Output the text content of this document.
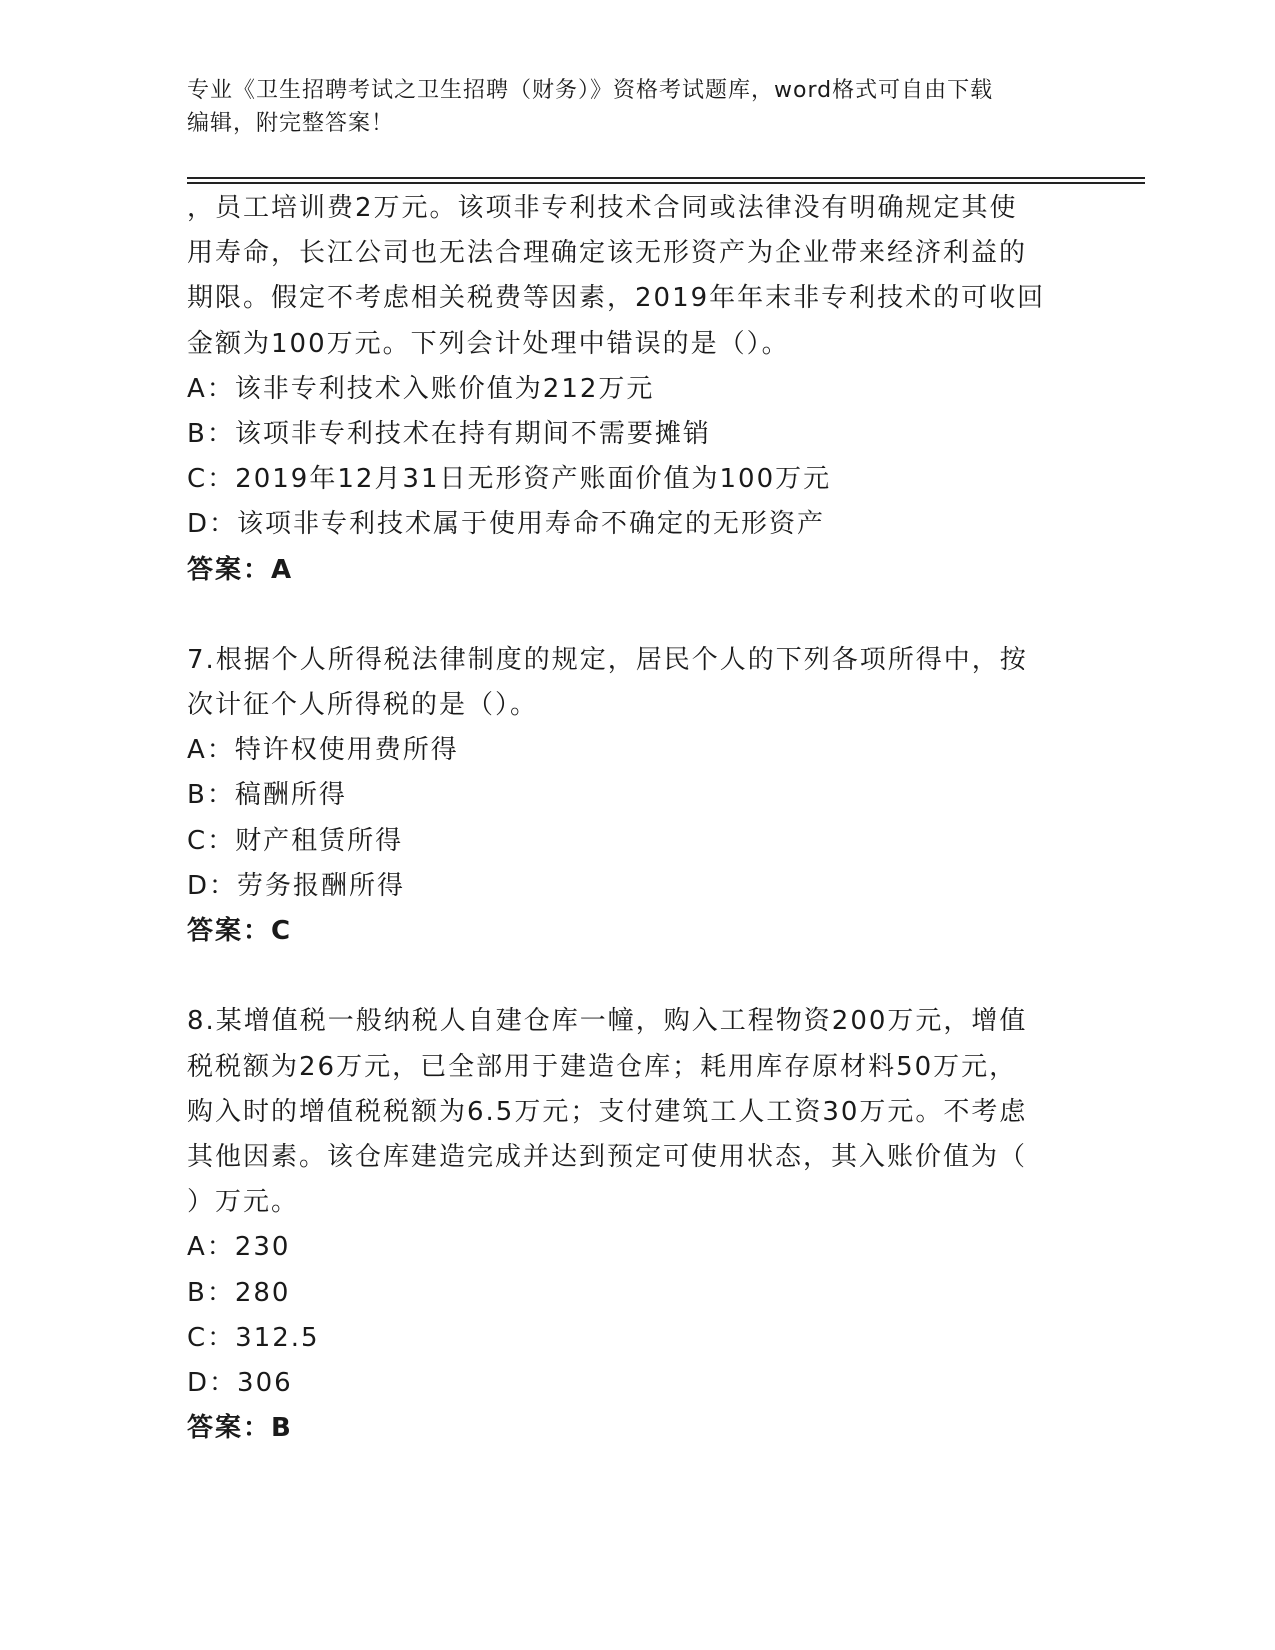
专业《卫生招聘考试之卫生招聘（财务）》资格考试题库，word格式可自由下载
编辑，附完整答案！
，员工培训费2万元。该项非专利技术合同或法律没有明确规定其使
用寿命，长江公司也无法合理确定该无形资产为企业带来经济利益的
期限。假定不考虑相关税费等因素，2019年年末非专利技术的可收回
金额为100万元。下列会计处理中错误的是（）。
A：该非专利技术入账价值为212万元
B：该项非专利技术在持有期间不需要摊销
C：2019年12月31日无形资产账面价值为100万元
D：该项非专利技术属于使用寿命不确定的无形资产
答案：A
7.根据个人所得税法律制度的规定，居民个人的下列各项所得中，按
次计征个人所得税的是（）。
A：特许权使用费所得
B：稿酬所得
C：财产租赁所得
D：劳务报酬所得
答案：C
8.某增值税一般纳税人自建仓库一幢，购入工程物资200万元，增值
税税额为26万元，已全部用于建造仓库；耗用库存原材料50万元，
购入时的增值税税额为6.5万元；支付建筑工人工资30万元。不考虑
其他因素。该仓库建造完成并达到预定可使用状态，其入账价值为（
）万元。
A：230
B：280
C：312.5
D：306
答案：B
